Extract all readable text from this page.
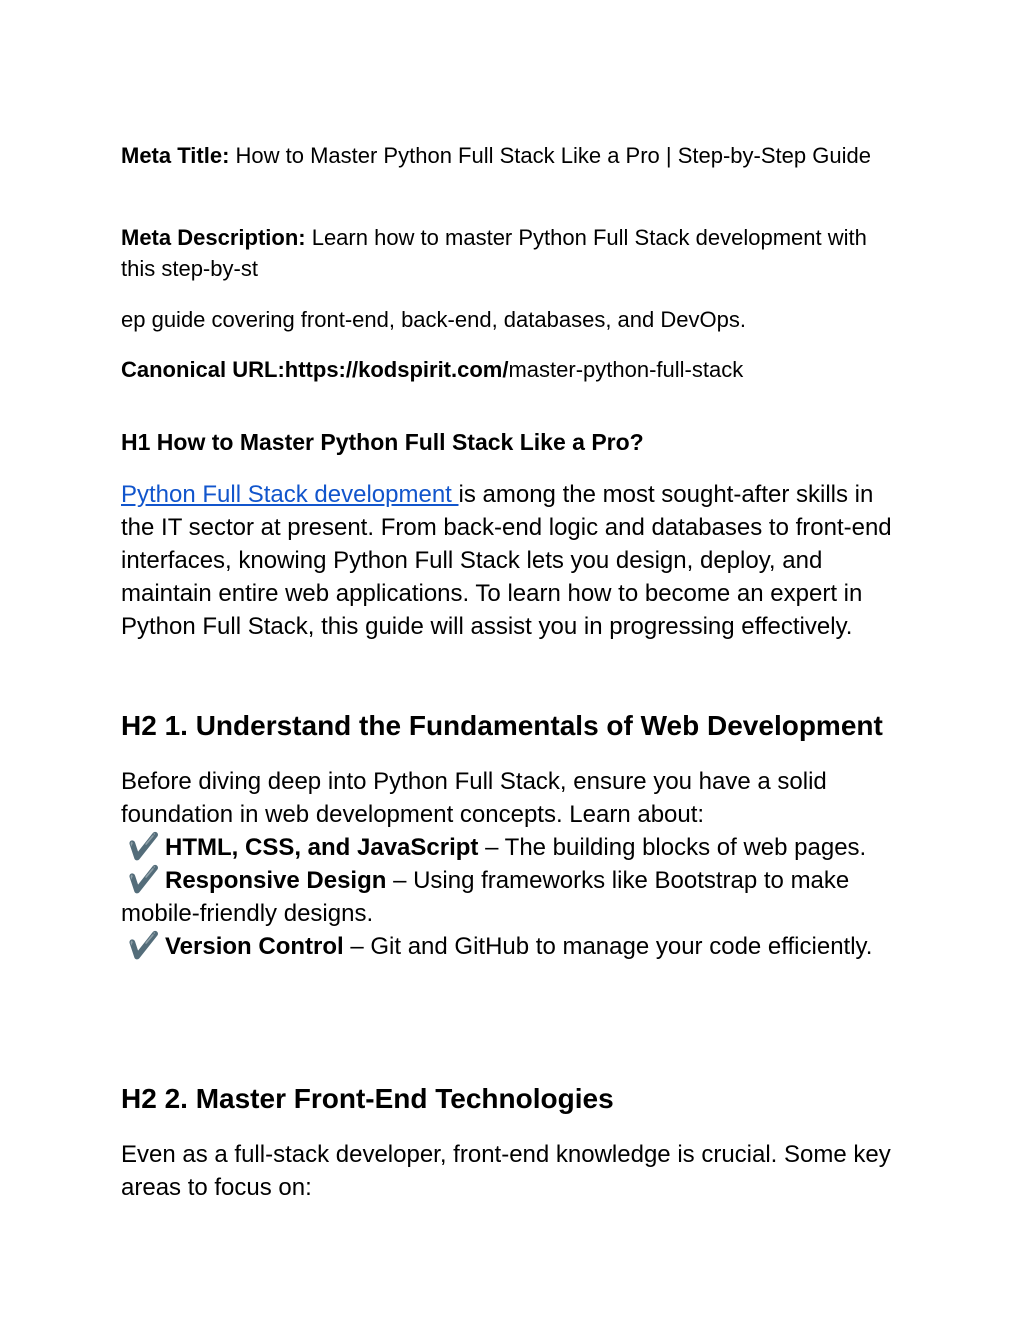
Meta Title: How to Master Python Full Stack Like a Pro | Step-by-Step Guide

Meta Description: Learn how to master Python Full Stack development with this step-by-st

ep guide covering front-end, back-end, databases, and DevOps.

Canonical URL:https://kodspirit.com/master-python-full-stack

H1 How to Master Python Full Stack Like a Pro?

Python Full Stack development is among the most sought-after skills in the IT sector at present. From back-end logic and databases to front-end interfaces, knowing Python Full Stack lets you design, deploy, and maintain entire web applications. To learn how to become an expert in Python Full Stack, this guide will assist you in progressing effectively.

H2 1. Understand the Fundamentals of Web Development

Before diving deep into Python Full Stack, ensure you have a solid foundation in web development concepts. Learn about:
✔️ HTML, CSS, and JavaScript – The building blocks of web pages.
✔️ Responsive Design – Using frameworks like Bootstrap to make mobile-friendly designs.
✔️ Version Control – Git and GitHub to manage your code efficiently.

H2 2. Master Front-End Technologies

Even as a full-stack developer, front-end knowledge is crucial. Some key areas to focus on:
